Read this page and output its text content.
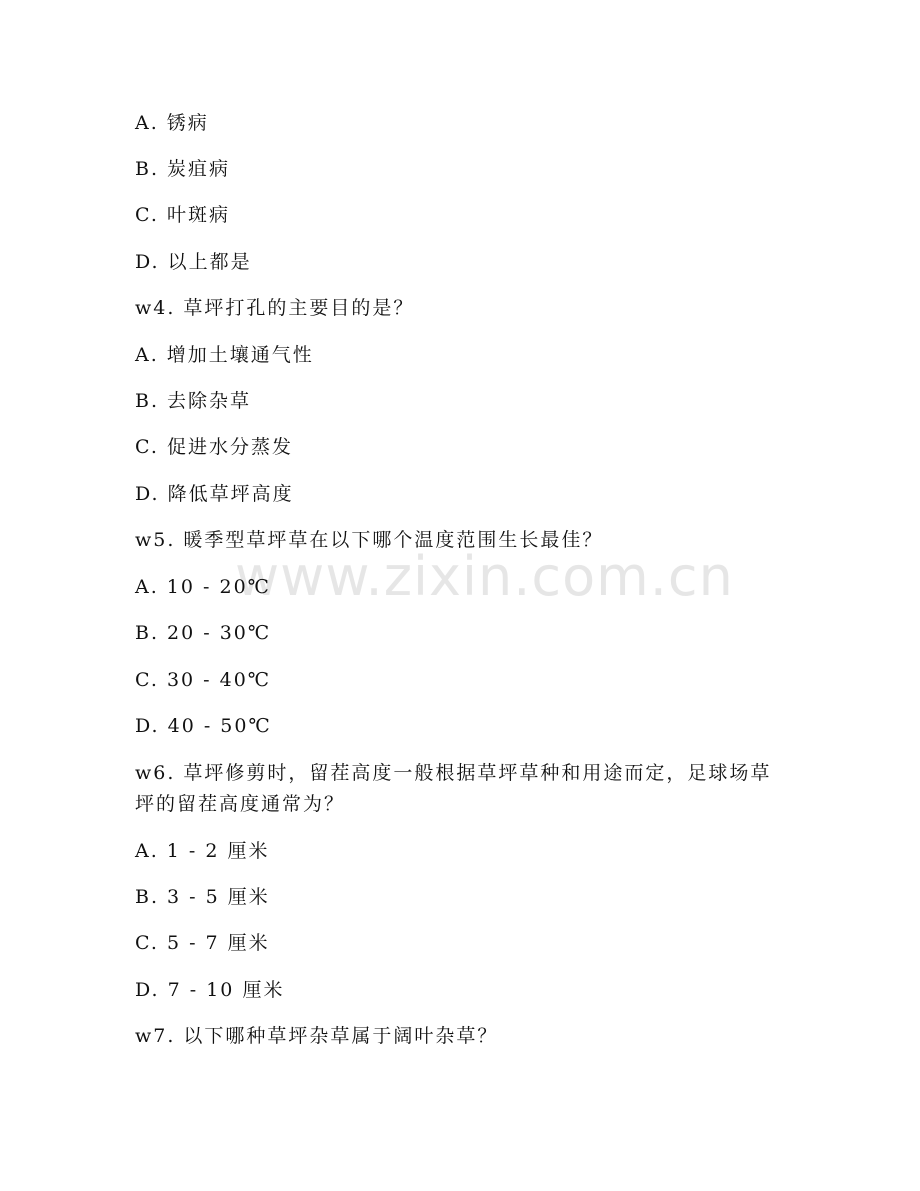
www.zixin.com.cn
A. 锈病
B. 炭疽病
C. 叶斑病
D. 以上都是
w4. 草坪打孔的主要目的是？
A. 增加土壤通气性
B. 去除杂草
C. 促进水分蒸发
D. 降低草坪高度
w5. 暖季型草坪草在以下哪个温度范围生长最佳？
A. 10 - 20℃
B. 20 - 30℃
C. 30 - 40℃
D. 40 - 50℃
w6. 草坪修剪时，留茬高度一般根据草坪草种和用途而定，足球场草
坪的留茬高度通常为？
A. 1 - 2 厘米
B. 3 - 5 厘米
C. 5 - 7 厘米
D. 7 - 10 厘米
w7. 以下哪种草坪杂草属于阔叶杂草？
